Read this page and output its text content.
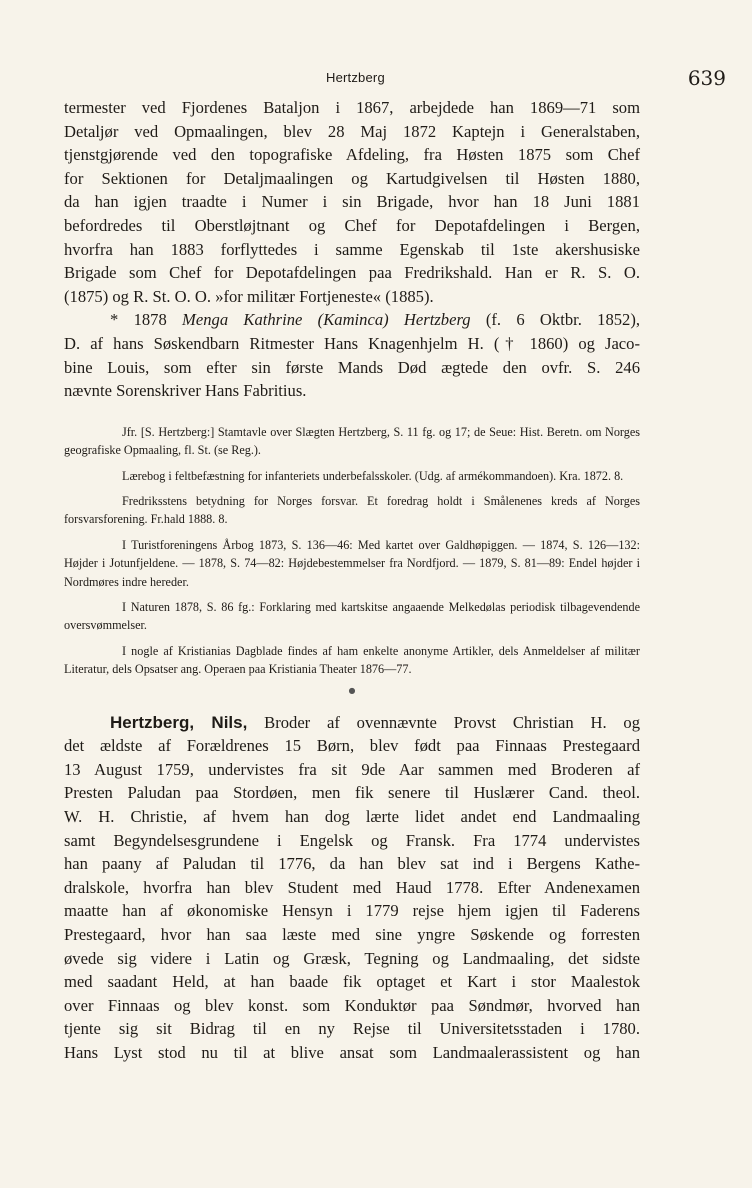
Hertzberg	639
termester ved Fjordenes Bataljon i 1867, arbejdede han 1869—71 som
Detaljør ved Opmaalingen, blev 28 Maj 1872 Kaptejn i Generalstaben,
tjenstgjørende ved den topografiske Afdeling, fra Høsten 1875 som Chef
for Sektionen for Detaljmaalingen og Kartudgivelsen til Høsten 1880,
da han igjen traadte i Numer i sin Brigade, hvor han 18 Juni 1881
befordredes til Oberstløjtnant og Chef for Depotafdelingen i Bergen,
hvorfra han 1883 forflyttedes i samme Egenskab til 1ste akershusiske
Brigade som Chef for Depotafdelingen paa Fredrikshald. Han er R. S. O.
(1875) og R. St. O. O. »for militær Fortjeneste« (1885).
* 1878 Menga Kathrine (Kaminca) Hertzberg (f. 6 Oktbr. 1852),
D. af hans Søskendbarn Ritmester Hans Knagenhjelm H. († 1860) og Jaco-
bine Louis, som efter sin første Mands Død ægtede den ovfr. S. 246
nævnte Sorenskriver Hans Fabritius.

Jfr. [S. Hertzberg:] Stamtavle over Slægten Hertzberg, S. 11 fg. og 17; de Seue: Hist. Beretn. om Norges geografiske Opmaaling, fl. St. (se Reg.).

Lærebog i feltbefæstning for infanteriets underbefalsskoler. (Udg. af armékommandoen). Kra. 1872. 8.

Fredriksstens betydning for Norges forsvar. Et foredrag holdt i Smålenenes kreds af Norges forsvarsforening. Fr.hald 1888. 8.

I Turistforeningens Årbog 1873, S. 136—46: Med kartet over Galdhøpiggen. — 1874, S. 126—132: Højder i Jotunfjeldene. — 1878, S. 74—82: Højdebestemmelser fra Nordfjord. — 1879, S. 81—89: Endel højder i Nordmøres indre hereder.

I Naturen 1878, S. 86 fg.: Forklaring med kartskitse angaaende Melkedølas periodisk tilbagevendende oversvømmelser.

I nogle af Kristianias Dagblade findes af ham enkelte anonyme Artikler, dels Anmeldelser af militær Literatur, dels Opsatser ang. Operaen paa Kristiania Theater 1876—77.

●
Hertzberg, Nils, Broder af ovennævnte Provst Christian H. og
det ældste af Forældrenes 15 Børn, blev født paa Finnaas Prestegaard
13 August 1759, undervistes fra sit 9de Aar sammen med Broderen af
Presten Paludan paa Stordøen, men fik senere til Huslærer Cand. theol.
W. H. Christie, af hvem han dog lærte lidet andet end Landmaaling
samt Begyndelsesgrundene i Engelsk og Fransk. Fra 1774 undervistes
han paany af Paludan til 1776, da han blev sat ind i Bergens Kathe-
dralskole, hvorfra han blev Student med Haud 1778. Efter Andenexamen
maatte han af økonomiske Hensyn i 1779 rejse hjem igjen til Faderens
Prestegaard, hvor han saa læste med sine yngre Søskende og forresten
øvede sig videre i Latin og Græsk, Tegning og Landmaaling, det sidste
med saadant Held, at han baade fik optaget et Kart i stor Maalestok
over Finnaas og blev konst. som Konduktør paa Søndmør, hvorved han
tjente sig sit Bidrag til en ny Rejse til Universitetsstaden i 1780.
Hans Lyst stod nu til at blive ansat som Landmaalerassistent og han
